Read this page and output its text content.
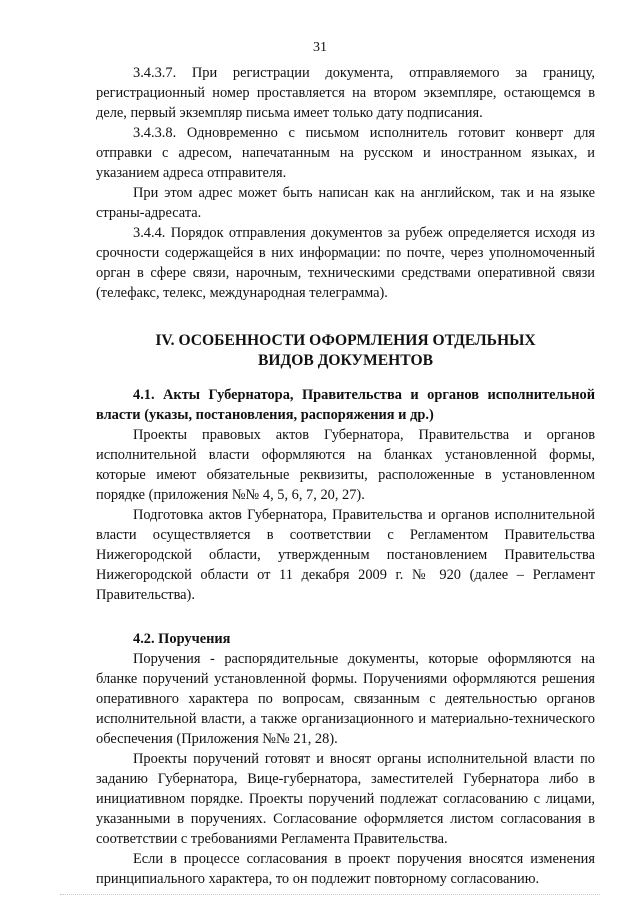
31

3.4.3.7. При регистрации документа, отправляемого за границу, регистрационный номер проставляется на втором экземпляре, остающемся в деле, первый экземпляр письма имеет только дату подписания.

3.4.3.8. Одновременно с письмом исполнитель готовит конверт для отправки с адресом, напечатанным на русском и иностранном языках, и указанием адреса отправителя.

При этом адрес может быть написан как на английском, так и на языке страны-адресата.

3.4.4. Порядок отправления документов за рубеж определяется исходя из срочности содержащейся в них информации: по почте, через уполномоченный орган в сфере связи, нарочным, техническими средствами оперативной связи (телефакс, телекс, международная телеграмма).

IV. ОСОБЕННОСТИ ОФОРМЛЕНИЯ ОТДЕЛЬНЫХ
ВИДОВ ДОКУМЕНТОВ

4.1. Акты Губернатора, Правительства и органов исполнительной власти (указы, постановления, распоряжения и др.)

Проекты правовых актов Губернатора, Правительства и органов исполнительной власти оформляются на бланках установленной формы, которые имеют обязательные реквизиты, расположенные в установленном порядке (приложения №№ 4, 5, 6, 7, 20, 27).

Подготовка актов Губернатора, Правительства и органов исполнительной власти осуществляется в соответствии с Регламентом Правительства Нижегородской области, утвержденным постановлением Правительства Нижегородской области от 11 декабря 2009 г. № 920 (далее – Регламент Правительства).

4.2. Поручения

Поручения - распорядительные документы, которые оформляются на бланке поручений установленной формы. Поручениями оформляются решения оперативного характера по вопросам, связанным с деятельностью органов исполнительной власти, а также организационного и материально-технического обеспечения (Приложения №№ 21, 28).

Проекты поручений готовят и вносят органы исполнительной власти по заданию Губернатора, Вице-губернатора, заместителей Губернатора либо в инициативном порядке. Проекты поручений подлежат согласованию с лицами, указанными в поручениях. Согласование оформляется листом согласования в соответствии с требованиями Регламента Правительства.

Если в процессе согласования в проект поручения вносятся изменения принципиального характера, то он подлежит повторному согласованию.
